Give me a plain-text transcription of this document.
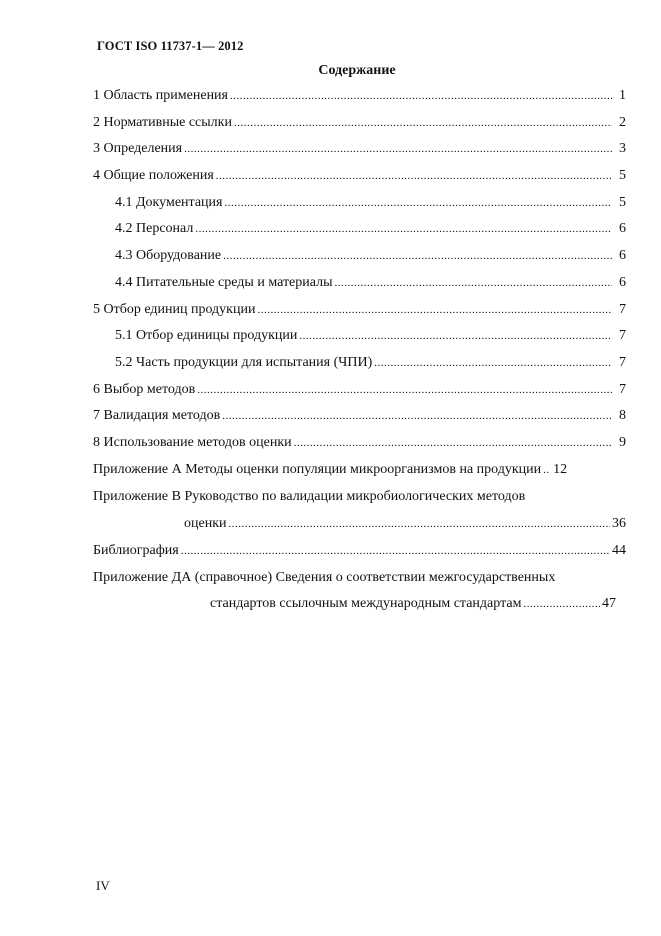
ГОСТ ISO 11737-1— 2012
Содержание
1 Область применения .....	1
2 Нормативные ссылки .....	2
3 Определения .....	3
4 Общие положения .....	5
4.1 Документация .....	5
4.2 Персонал .....	6
4.3 Оборудование .....	6
4.4 Питательные среды и материалы .....	6
5 Отбор единиц продукции .....	7
5.1 Отбор единицы продукции .....	7
5.2 Часть продукции для испытания (ЧПИ) .....	7
6 Выбор методов .....	7
7 Валидация методов .....	8
8 Использование методов оценки .....	9
Приложение А Методы оценки популяции микроорганизмов на продукции ..... 12
Приложение В Руководство по валидации микробиологических методов
оценки .....	36
Библиография .....	44
Приложение ДА (справочное) Сведения о соответствии межгосударственных
стандартов ссылочным международным стандартам .....	47
IV
